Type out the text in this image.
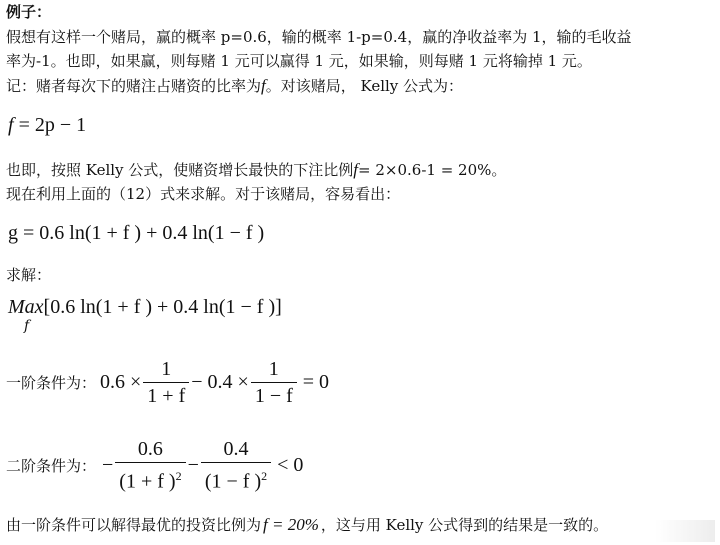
例子：
假想有这样一个赌局，赢的概率 p=0.6，输的概率 1-p=0.4，赢的净收益率为 1，输的毛收益
率为-1。也即，如果赢，则每赌 1 元可以赢得 1 元，如果输，则每赌 1 元将输掉 1 元。
记：赌者每次下的赌注占赌资的比率为f。对该赌局， Kelly 公式为：
f = 2p − 1
也即，按照 Kelly 公式，使赌资增长最快的下注比例f= 2×0.6-1 = 20%。
现在利用上面的（12）式来求解。对于该赌局，容易看出：
g = 0.6 ln(1 + f ) + 0.4 ln(1 − f )
求解：
Max[0.6 ln(1 + f ) + 0.4 ln(1 − f )]
f
一阶条件为： $0.6 \times \frac{1}{1 + f} - 0.4 \times \frac{1}{1 - f} = 0$
二阶条件为： − $\frac{0.6}{(1 + f )^2} - \frac{0.4}{(1 - f )^2} < 0$
由一阶条件可以解得最优的投资比例为 f = 20% ，这与用 Kelly 公式得到的结果是一致的。
